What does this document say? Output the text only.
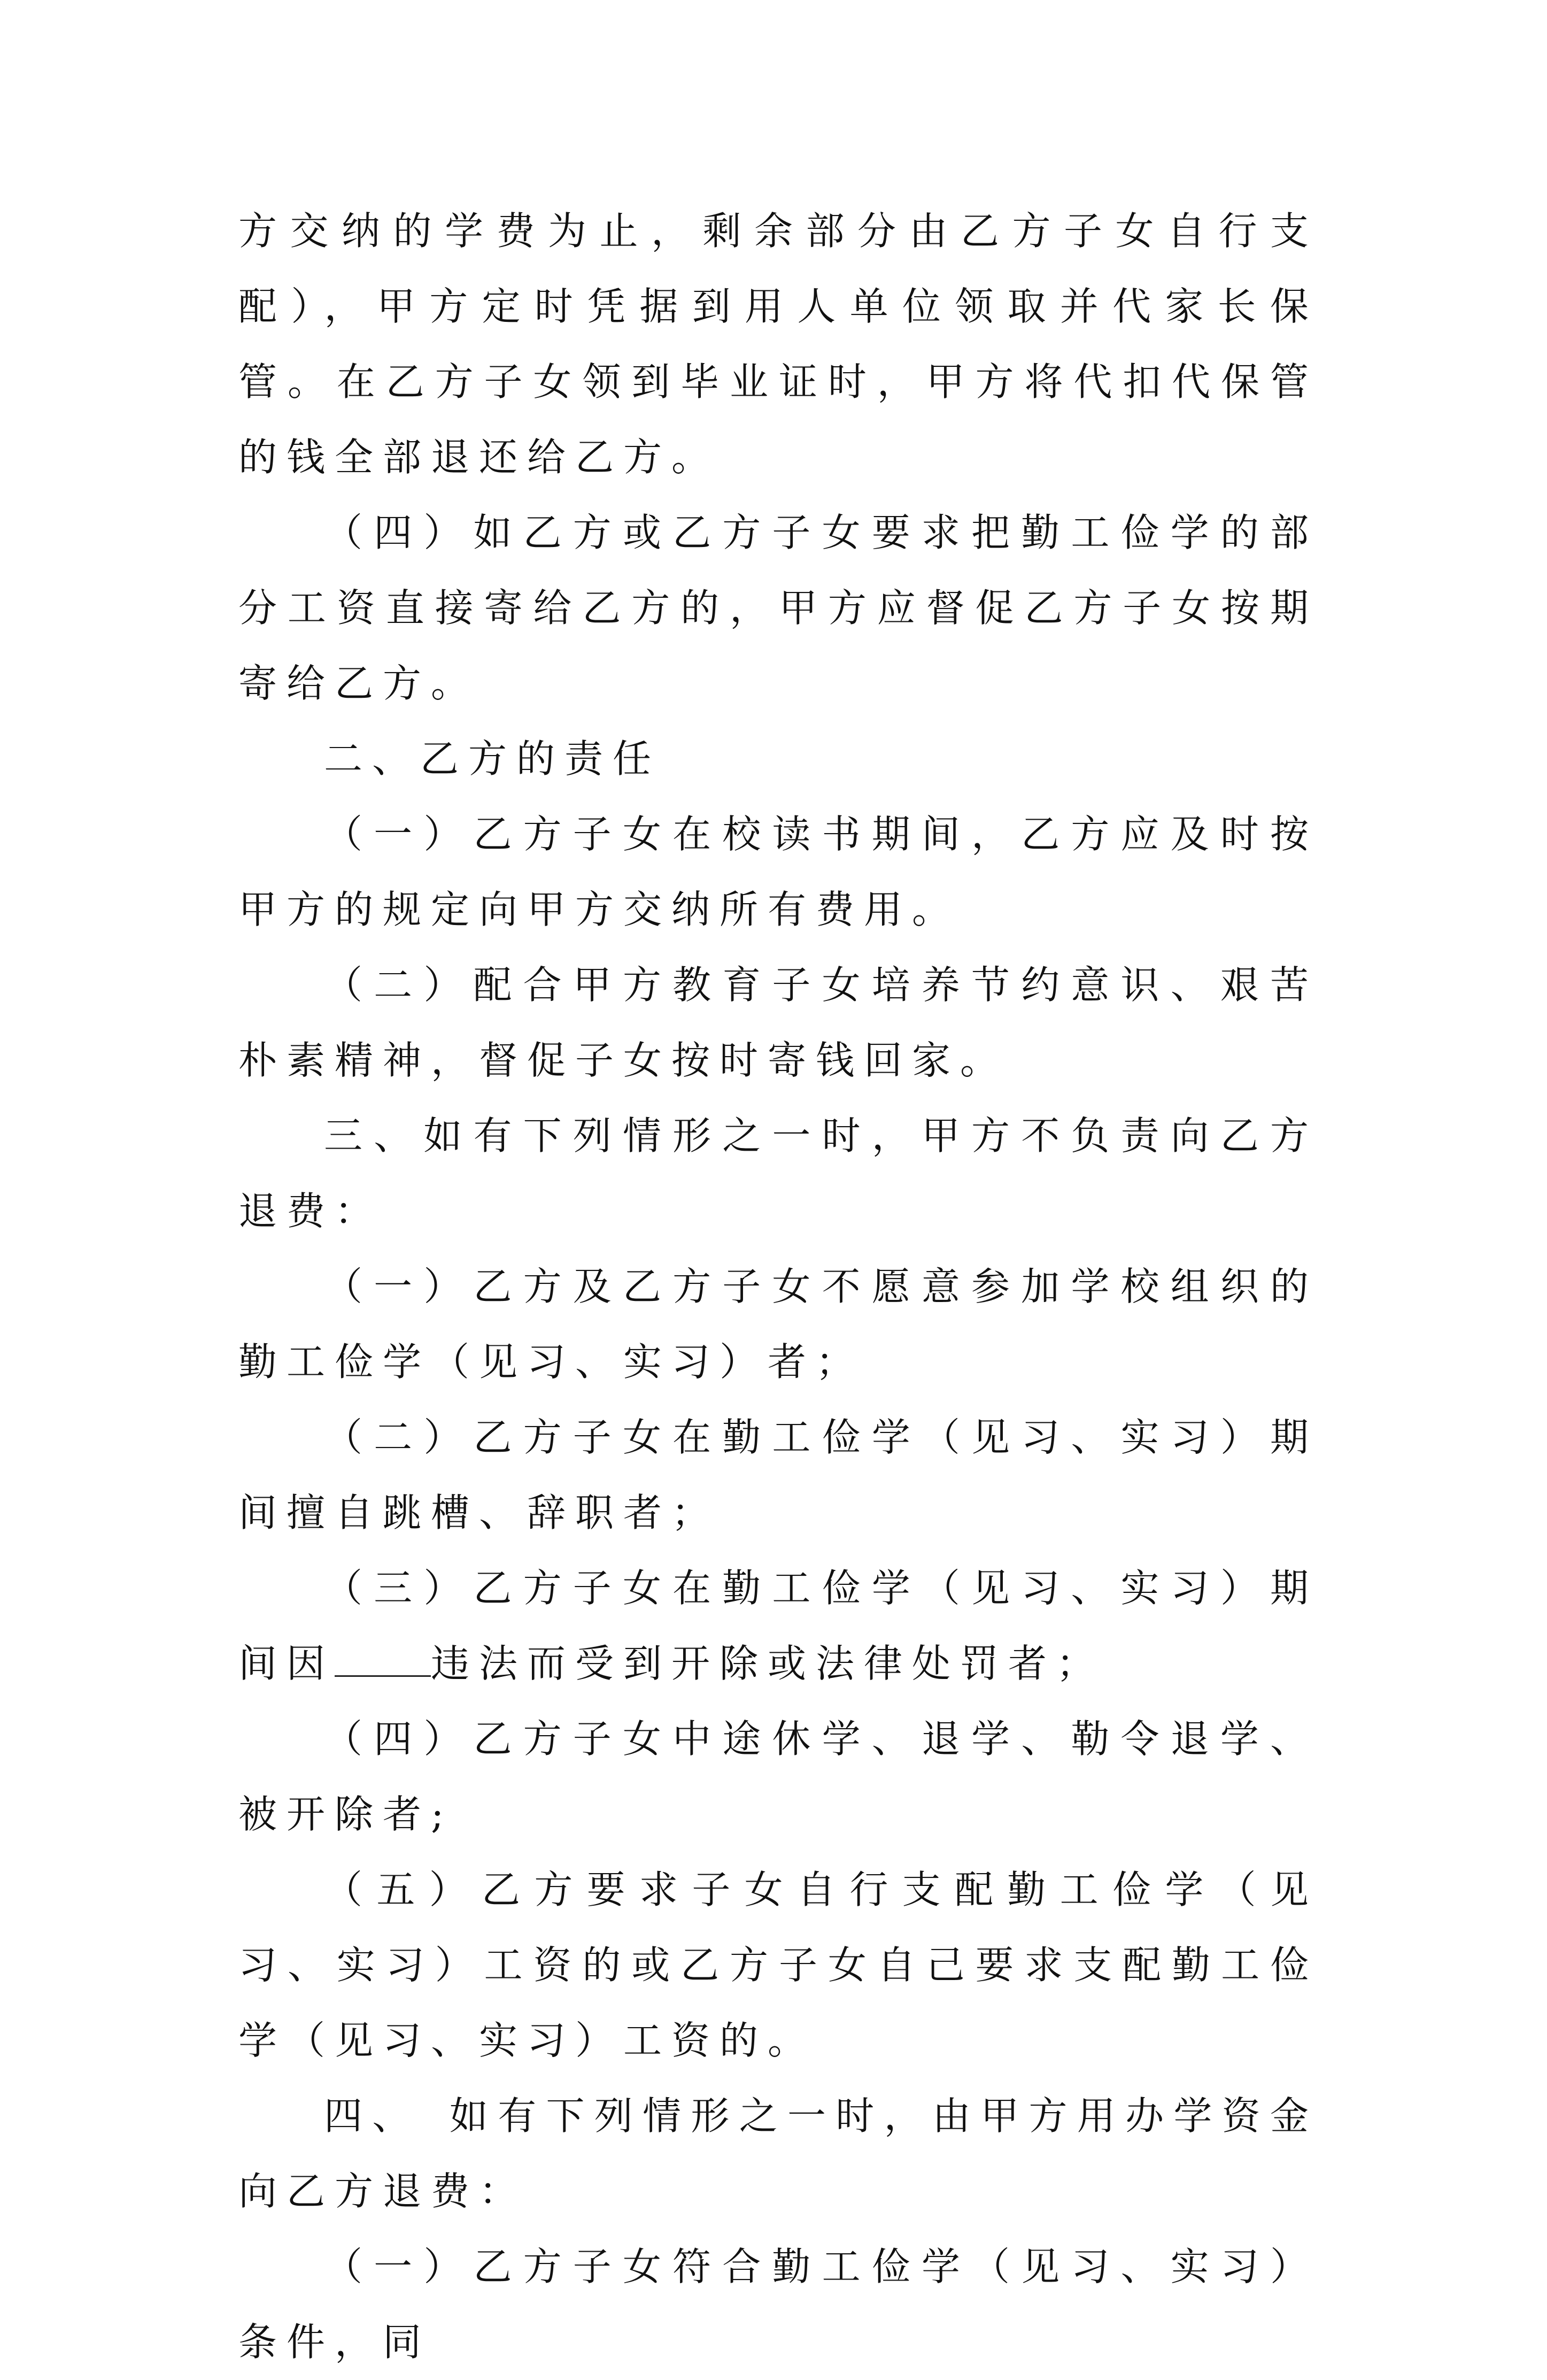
方交纳的学费为止，剩余部分由乙方子女自行支配），甲方定时凭据到用人单位领取并代家长保管。在乙方子女领到毕业证时，甲方将代扣代保管的钱全部退还给乙方。

（四）如乙方或乙方子女要求把勤工俭学的部分工资直接寄给乙方的，甲方应督促乙方子女按期寄给乙方。

二、乙方的责任

（一）乙方子女在校读书期间，乙方应及时按甲方的规定向甲方交纳所有费用。

（二）配合甲方教育子女培养节约意识、艰苦朴素精神，督促子女按时寄钱回家。

三、如有下列情形之一时，甲方不负责向乙方退费：

（一）乙方及乙方子女不愿意参加学校组织的勤工俭学（见习、实习）者；

（二）乙方子女在勤工俭学（见习、实习）期间擅自跳槽、辞职者；

（三）乙方子女在勤工俭学（见习、实习）期间因	违法而受到开除或法律处罚者；

（四）乙方子女中途休学、退学、勒令退学、被开除者;

（五）乙方要求子女自行支配勤工俭学（见习、实习）工资的或乙方子女自己要求支配勤工俭学（见习、实习）工资的。

四、　如有下列情形之一时，由甲方用办学资金向乙方退费：

（一）乙方子女符合勤工俭学（见习、实习）条件，同
